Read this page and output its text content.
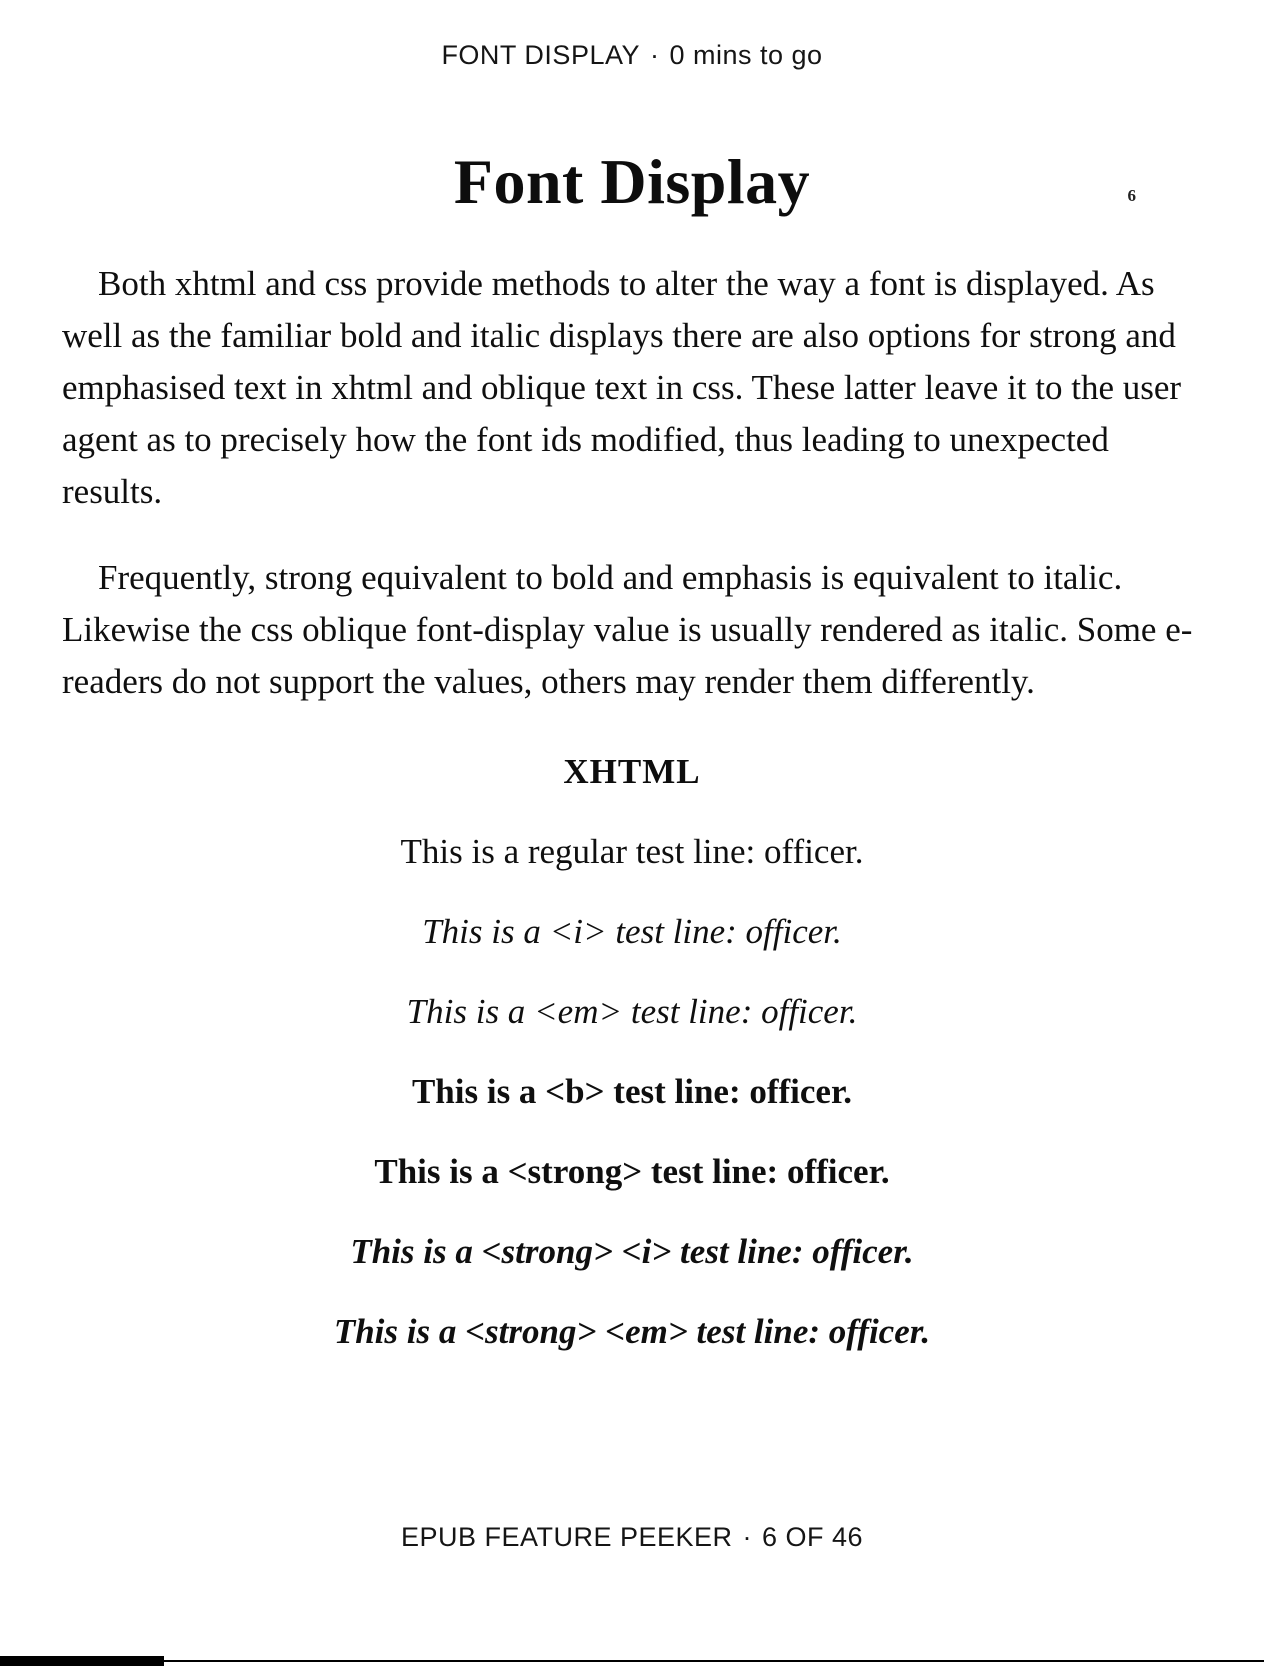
FONT DISPLAY · 0 mins to go
6
Font Display

Both xhtml and css provide methods to alter the way a font is displayed. As well as the familiar bold and italic displays there are also options for strong and emphasised text in xhtml and oblique text in css. These latter leave it to the user agent as to precisely how the font ids modified, thus leading to unexpected results.

Frequently, strong equivalent to bold and emphasis is equivalent to italic. Likewise the css oblique font-display value is usually rendered as italic. Some e-readers do not support the values, others may render them differently.

XHTML

This is a regular test line: officer.

This is a <i> test line: officer.

This is a <em> test line: officer.

This is a <b> test line: officer.

This is a <strong> test line: officer.

This is a <strong> <i> test line: officer.

This is a <strong> <em> test line: officer.

EPUB FEATURE PEEKER · 6 OF 46
